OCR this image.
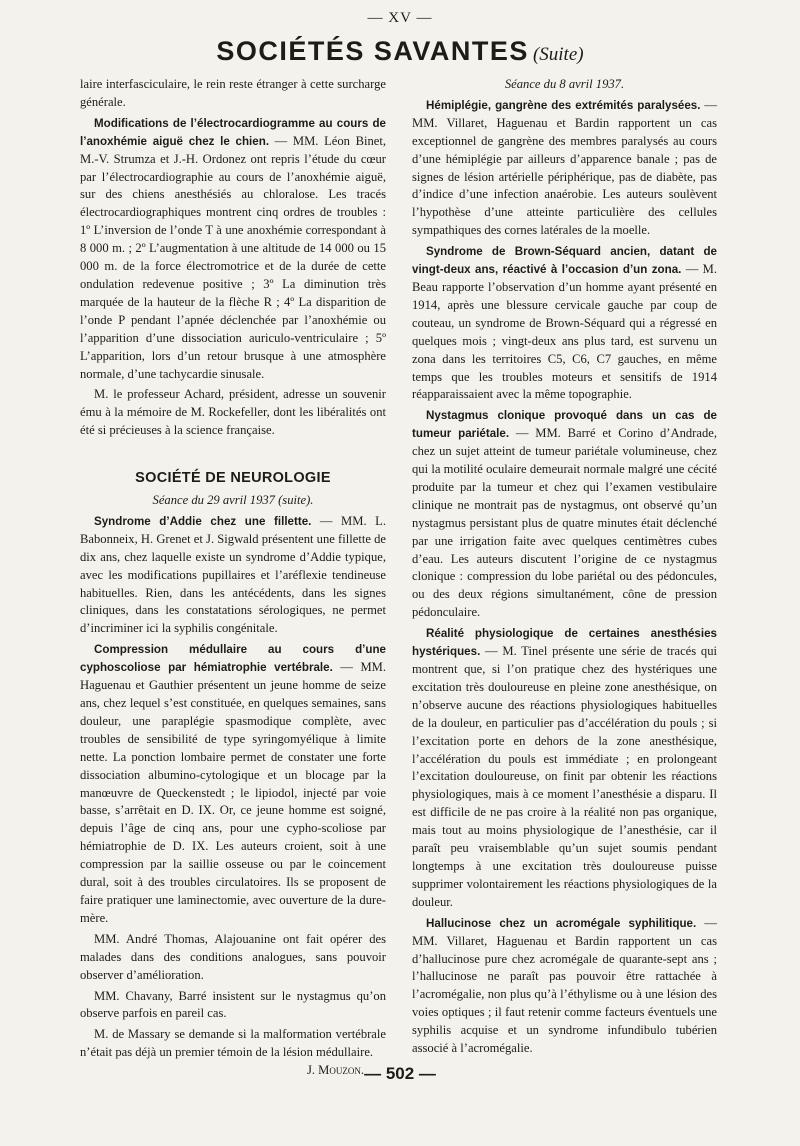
— XV —
SOCIÉTÉS SAVANTES (Suite)

laire interfasciculaire, le rein reste étranger à cette surcharge générale.

Modifications de l’électrocardiogramme au cours de l’anoxhémie aiguë chez le chien. — MM. Léon Binet, M.-V. Strumza et J.-H. Ordonez ont repris l’étude du cœur par l’électrocardiographie au cours de l’anoxhémie aiguë, sur des chiens anesthésiés au chloralose. Les tracés électrocardiographiques montrent cinq ordres de troubles : 1º L’inversion de l’onde T à une anoxhémie correspondant à 8 000 m. ; 2º L’augmentation à une altitude de 14 000 ou 15 000 m. de la force électromotrice et de la durée de cette ondulation redevenue positive ; 3º La diminution très marquée de la hauteur de la flèche R ; 4º La disparition de l’onde P pendant l’apnée déclenchée par l’anoxhémie ou l’apparition d’une dissociation auriculo-ventriculaire ; 5º L’apparition, lors d’un retour brusque à une atmosphère normale, d’une tachycardie sinusale.

M. le professeur Achard, président, adresse un souvenir ému à la mémoire de M. Rockefeller, dont les libéralités ont été si précieuses à la science française.

SOCIÉTÉ DE NEUROLOGIE

Séance du 29 avril 1937 (suite).

Syndrome d’Addie chez une fillette. — MM. L. Babonneix, H. Grenet et J. Sigwald présentent une fillette de dix ans, chez laquelle existe un syndrome d’Addie typique, avec les modifications pupillaires et l’aréflexie tendineuse habituelles. Rien, dans les antécédents, dans les signes cliniques, dans les constatations sérologiques, ne permet d’incriminer ici la syphilis congénitale.

Compression médullaire au cours d’une cyphoscoliose par hémiatrophie vertébrale. — MM. Haguenau et Gauthier présentent un jeune homme de seize ans, chez lequel s’est constituée, en quelques semaines, sans douleur, une paraplégie spasmodique complète, avec troubles de sensibilité de type syringomyélique à limite nette. La ponction lombaire permet de constater une forte dissociation albumino-cytologique et un blocage par la manœuvre de Queckenstedt ; le lipiodol, injecté par voie basse, s’arrêtait en D. IX. Or, ce jeune homme est soigné, depuis l’âge de cinq ans, pour une cypho-scoliose par hémiatrophie de D. IX. Les auteurs croient, soit à une compression par la saillie osseuse ou par le coincement dural, soit à des troubles circulatoires. Ils se proposent de faire pratiquer une laminectomie, avec ouverture de la dure-mère.

MM. André Thomas, Alajouanine ont fait opérer des malades dans des conditions analogues, sans pouvoir observer d’amélioration.

MM. Chavany, Barré insistent sur le nystagmus qu’on observe parfois en pareil cas.

M. de Massary se demande si la malformation vertébrale n’était pas déjà un premier témoin de la lésion médullaire.
J. Mouzon.

Séance du 8 avril 1937.

Hémiplégie, gangrène des extrémités paralysées. — MM. Villaret, Haguenau et Bardin rapportent un cas exceptionnel de gangrène des membres paralysés au cours d’une hémiplégie par ailleurs d’apparence banale ; pas de signes de lésion artérielle périphérique, pas de diabète, pas d’indice d’une infection anaérobie. Les auteurs soulèvent l’hypothèse d’une atteinte particulière des cellules sympathiques des cornes latérales de la moelle.

Syndrome de Brown-Séquard ancien, datant de vingt-deux ans, réactivé à l’occasion d’un zona. — M. Beau rapporte l’observation d’un homme ayant présenté en 1914, après une blessure cervicale gauche par coup de couteau, un syndrome de Brown-Séquard qui a régressé en quelques mois ; vingt-deux ans plus tard, est survenu un zona dans les territoires C5, C6, C7 gauches, en même temps que les troubles moteurs et sensitifs de 1914 réapparaissaient avec la même topographie.

Nystagmus clonique provoqué dans un cas de tumeur pariétale. — MM. Barré et Corino d’Andrade, chez un sujet atteint de tumeur pariétale volumineuse, chez qui la motilité oculaire demeurait normale malgré une cécité produite par la tumeur et chez qui l’examen vestibulaire clinique ne montrait pas de nystagmus, ont observé qu’un nystagmus persistant plus de quatre minutes était déclenché par une irrigation faite avec quelques centimètres cubes d’eau. Les auteurs discutent l’origine de ce nystagmus clonique : compression du lobe pariétal ou des pédoncules, ou des deux régions simultanément, cône de pression pédonculaire.

Réalité physiologique de certaines anesthésies hystériques. — M. Tinel présente une série de tracés qui montrent que, si l’on pratique chez des hystériques une excitation très douloureuse en pleine zone anesthésique, on n’observe aucune des réactions physiologiques habituelles de la douleur, en particulier pas d’accélération du pouls ; si l’excitation porte en dehors de la zone anesthésique, l’accélération du pouls est immédiate ; en prolongeant l’excitation douloureuse, on finit par obtenir les réactions physiologiques, mais à ce moment l’anesthésie a disparu. Il est difficile de ne pas croire à la réalité non pas organique, mais tout au moins physiologique de l’anesthésie, car il paraît peu vraisemblable qu’un sujet soumis pendant longtemps à une excitation très douloureuse puisse supprimer volontairement les réactions physiologiques de la douleur.

Hallucinose chez un acromégale syphilitique. — MM. Villaret, Haguenau et Bardin rapportent un cas d’hallucinose pure chez acromégale de quarante-sept ans ; l’hallucinose ne paraît pas pouvoir être rattachée à l’acromégalie, non plus qu’à l’éthylisme ou à une lésion des voies optiques ; il faut retenir comme facteurs éventuels une syphilis acquise et un syndrome infundibulo tubérien associé à l’acromégalie.

— 502 —
